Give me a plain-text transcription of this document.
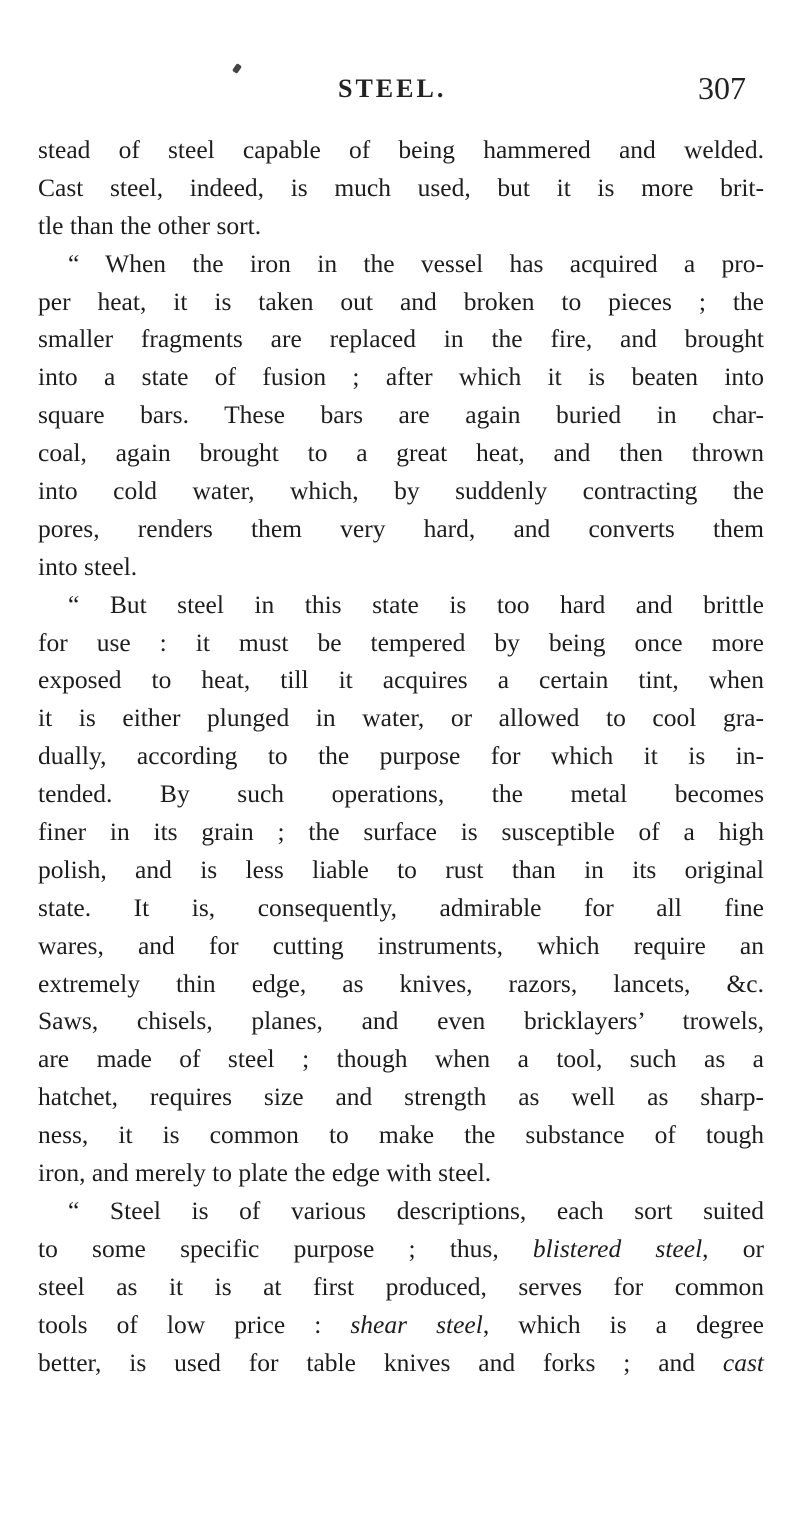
STEEL.	307
stead of steel capable of being hammered and welded.
Cast steel, indeed, is much used, but it is more brit-
tle than the other sort.
“ When the iron in the vessel has acquired a pro-
per heat, it is taken out and broken to pieces ; the
smaller fragments are replaced in the fire, and brought
into a state of fusion ; after which it is beaten into
square bars. These bars are again buried in char-
coal, again brought to a great heat, and then thrown
into cold water, which, by suddenly contracting the
pores, renders them very hard, and converts them
into steel.
“ But steel in this state is too hard and brittle
for use : it must be tempered by being once more
exposed to heat, till it acquires a certain tint, when
it is either plunged in water, or allowed to cool gra-
dually, according to the purpose for which it is in-
tended. By such operations, the metal becomes
finer in its grain ; the surface is susceptible of a high
polish, and is less liable to rust than in its original
state. It is, consequently, admirable for all fine
wares, and for cutting instruments, which require an
extremely thin edge, as knives, razors, lancets, &c.
Saws, chisels, planes, and even bricklayers’ trowels,
are made of steel ; though when a tool, such as a
hatchet, requires size and strength as well as sharp-
ness, it is common to make the substance of tough
iron, and merely to plate the edge with steel.
“ Steel is of various descriptions, each sort suited
to some specific purpose ; thus, blistered steel, or
steel as it is at first produced, serves for common
tools of low price : shear steel, which is a degree
better, is used for table knives and forks ; and cast
